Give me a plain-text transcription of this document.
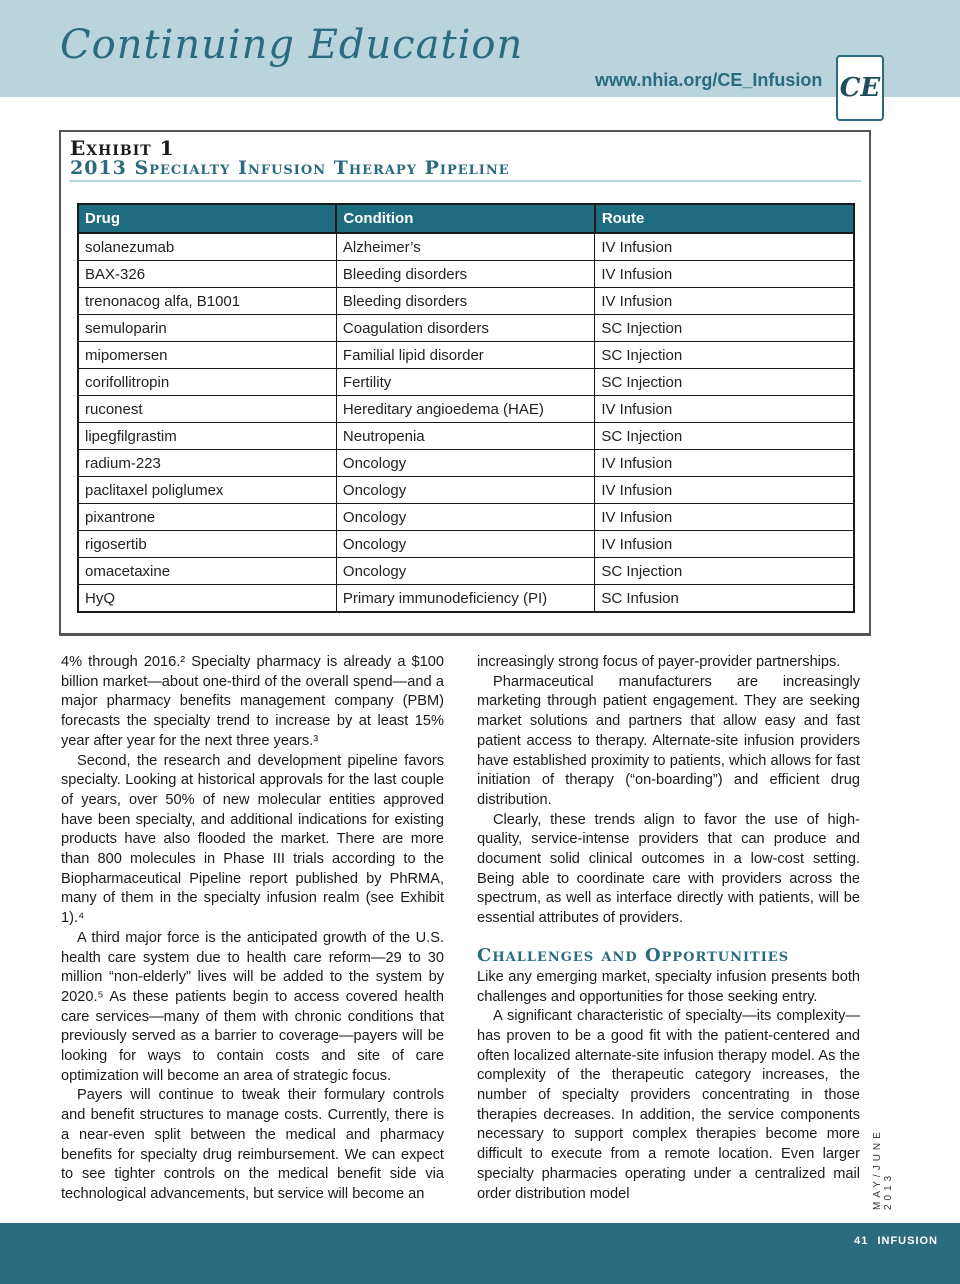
Continuing Education
www.nhia.org/CE_Infusion CE
Exhibit 1
2013 Specialty Infusion Therapy Pipeline
Drug	Condition	Route
solanezumab	Alzheimer’s	IV Infusion
BAX-326	Bleeding disorders	IV Infusion
trenonacog alfa, B1001	Bleeding disorders	IV Infusion
semuloparin	Coagulation disorders	SC Injection
mipomersen	Familial lipid disorder	SC Injection
corifollitropin	Fertility	SC Injection
ruconest	Hereditary angioedema (HAE)	IV Infusion
lipegfilgrastim	Neutropenia	SC Injection
radium-223	Oncology	IV Infusion
paclitaxel poliglumex	Oncology	IV Infusion
pixantrone	Oncology	IV Infusion
rigosertib	Oncology	IV Infusion
omacetaxine	Oncology	SC Injection
HyQ	Primary immunodeficiency (PI)	SC Infusion

4% through 2016.² Specialty pharmacy is already a $100 billion market—about one-third of the overall spend—and a major pharmacy benefits management company (PBM) forecasts the specialty trend to increase by at least 15% year after year for the next three years.³

Second, the research and development pipeline favors specialty. Looking at historical approvals for the last couple of years, over 50% of new molecular entities approved have been specialty, and additional indications for existing products have also flooded the market. There are more than 800 molecules in Phase III trials according to the Biopharmaceutical Pipeline report published by PhRMA, many of them in the specialty infusion realm (see Exhibit 1).⁴

A third major force is the anticipated growth of the U.S. health care system due to health care reform—29 to 30 million “non-elderly” lives will be added to the system by 2020.⁵ As these patients begin to access covered health care services—many of them with chronic conditions that previously served as a barrier to coverage—payers will be looking for ways to contain costs and site of care optimization will become an area of strategic focus.

Payers will continue to tweak their formulary controls and benefit structures to manage costs. Currently, there is a near-even split between the medical and pharmacy benefits for specialty drug reimbursement. We can expect to see tighter controls on the medical benefit side via technological advancements, but service will become an

increasingly strong focus of payer-provider partnerships.

Pharmaceutical manufacturers are increasingly marketing through patient engagement. They are seeking market solutions and partners that allow easy and fast patient access to therapy. Alternate-site infusion providers have established proximity to patients, which allows for fast initiation of therapy (“on-boarding”) and efficient drug distribution.

Clearly, these trends align to favor the use of high-quality, service-intense providers that can produce and document solid clinical outcomes in a low-cost setting. Being able to coordinate care with providers across the spectrum, as well as interface directly with patients, will be essential attributes of providers.

Challenges and Opportunities

Like any emerging market, specialty infusion presents both challenges and opportunities for those seeking entry.

A significant characteristic of specialty—its complexity—has proven to be a good fit with the patient-centered and often localized alternate-site infusion therapy model. As the complexity of the therapeutic category increases, the number of specialty providers concentrating in those therapies decreases. In addition, the service components necessary to support complex therapies become more difficult to execute from a remote location. Even larger specialty pharmacies operating under a centralized mail order distribution model	MAY/JUNE 2013
41 INFUSION
